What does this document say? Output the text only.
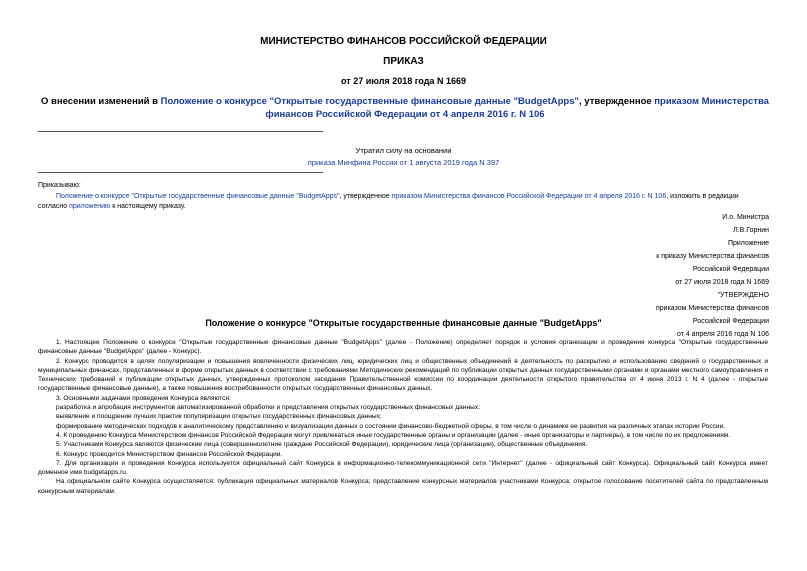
МИНИСТЕРСТВО ФИНАНСОВ РОССИЙСКОЙ ФЕДЕРАЦИИ
ПРИКАЗ
от 27 июля 2018 года N 1669
О внесении изменений в Положение о конкурсе "Открытые государственные финансовые данные "BudgetApps", утвержденное приказом Министерства финансов Российской Федерации от 4 апреля 2016 г. N 106
Утратил силу на основании
приказа Минфина России от 1 августа 2019 года N 397
Приказываю:
Положение о конкурсе "Открытые государственные финансовые данные "BudgetApps", утвержденное приказом Министерства финансов Российской Федерации от 4 апреля 2016 г. N 106, изложить в редакции согласно приложению к настоящему приказу.
И.о. Министра
Л.В.Горнин
Приложение
к приказу Министерства финансов
Российской Федерации
от 27 июля 2018 года N 1669
"УТВЕРЖДЕНО
приказом Министерства финансов
Российской Федерации
от 4 апреля 2016 года N 106
Положение о конкурсе "Открытые государственные финансовые данные "BudgetApps"
1. Настоящее Положение о конкурсе "Открытые государственные финансовые данные "BudgetApps" (далее - Положение) определяет порядок и условия организации и проведения конкурса "Открытые государственные финансовые данные "BudgetApps" (далее - Конкурс).
2. Конкурс проводится в целях популяризации и повышения вовлеченности физических лиц, юридических лиц и общественных объединений в деятельность по раскрытию и использованию сведений о государственных и муниципальных финансах, представленных в форме открытых данных в соответствии с требованиями Методических рекомендаций по публикации открытых данных государственными органами и органами местного самоуправления и Технических требований к публикации открытых данных, утвержденных протоколом заседания Правительственной комиссии по координации деятельности открытого правительства от 4 июня 2013 г. N 4 (далее - открытые государственные финансовые данные), а также повышения востребованности открытых государственных финансовых данных.
3. Основными задачами проведения Конкурса являются:
разработка и апробация инструментов автоматизированной обработки и представления открытых государственных финансовых данных;
выявление и поощрение лучших практик популяризации открытых государственных финансовых данных;
формирование методических подходов к аналитическому представлению и визуализации данных о состоянии финансово-бюджетной сферы, в том числе о динамике ее развития на различных этапах истории России.
4. К проведению Конкурса Министерством финансов Российской Федерации могут привлекаться иные государственные органы и организации (далее - иные организаторы и партнеры), в том числе по их предложениям.
5. Участниками Конкурса являются физические лица (совершеннолетние граждане Российской Федерации), юридические лица (организации), общественные объединения.
6. Конкурс проводится Министерством финансов Российской Федерации.
7. Для организации и проведения Конкурса используется официальный сайт Конкурса в информационно-телекоммуникационной сети "Интернет" (далее - официальный сайт Конкурса). Официальный сайт Конкурса имеет доменное имя budgetapps.ru.
На официальном сайте Конкурса осуществляется: публикация официальных материалов Конкурса; представление конкурсных материалов участниками Конкурса; открытое голосование посетителей сайта по представленным конкурсным материалам.
